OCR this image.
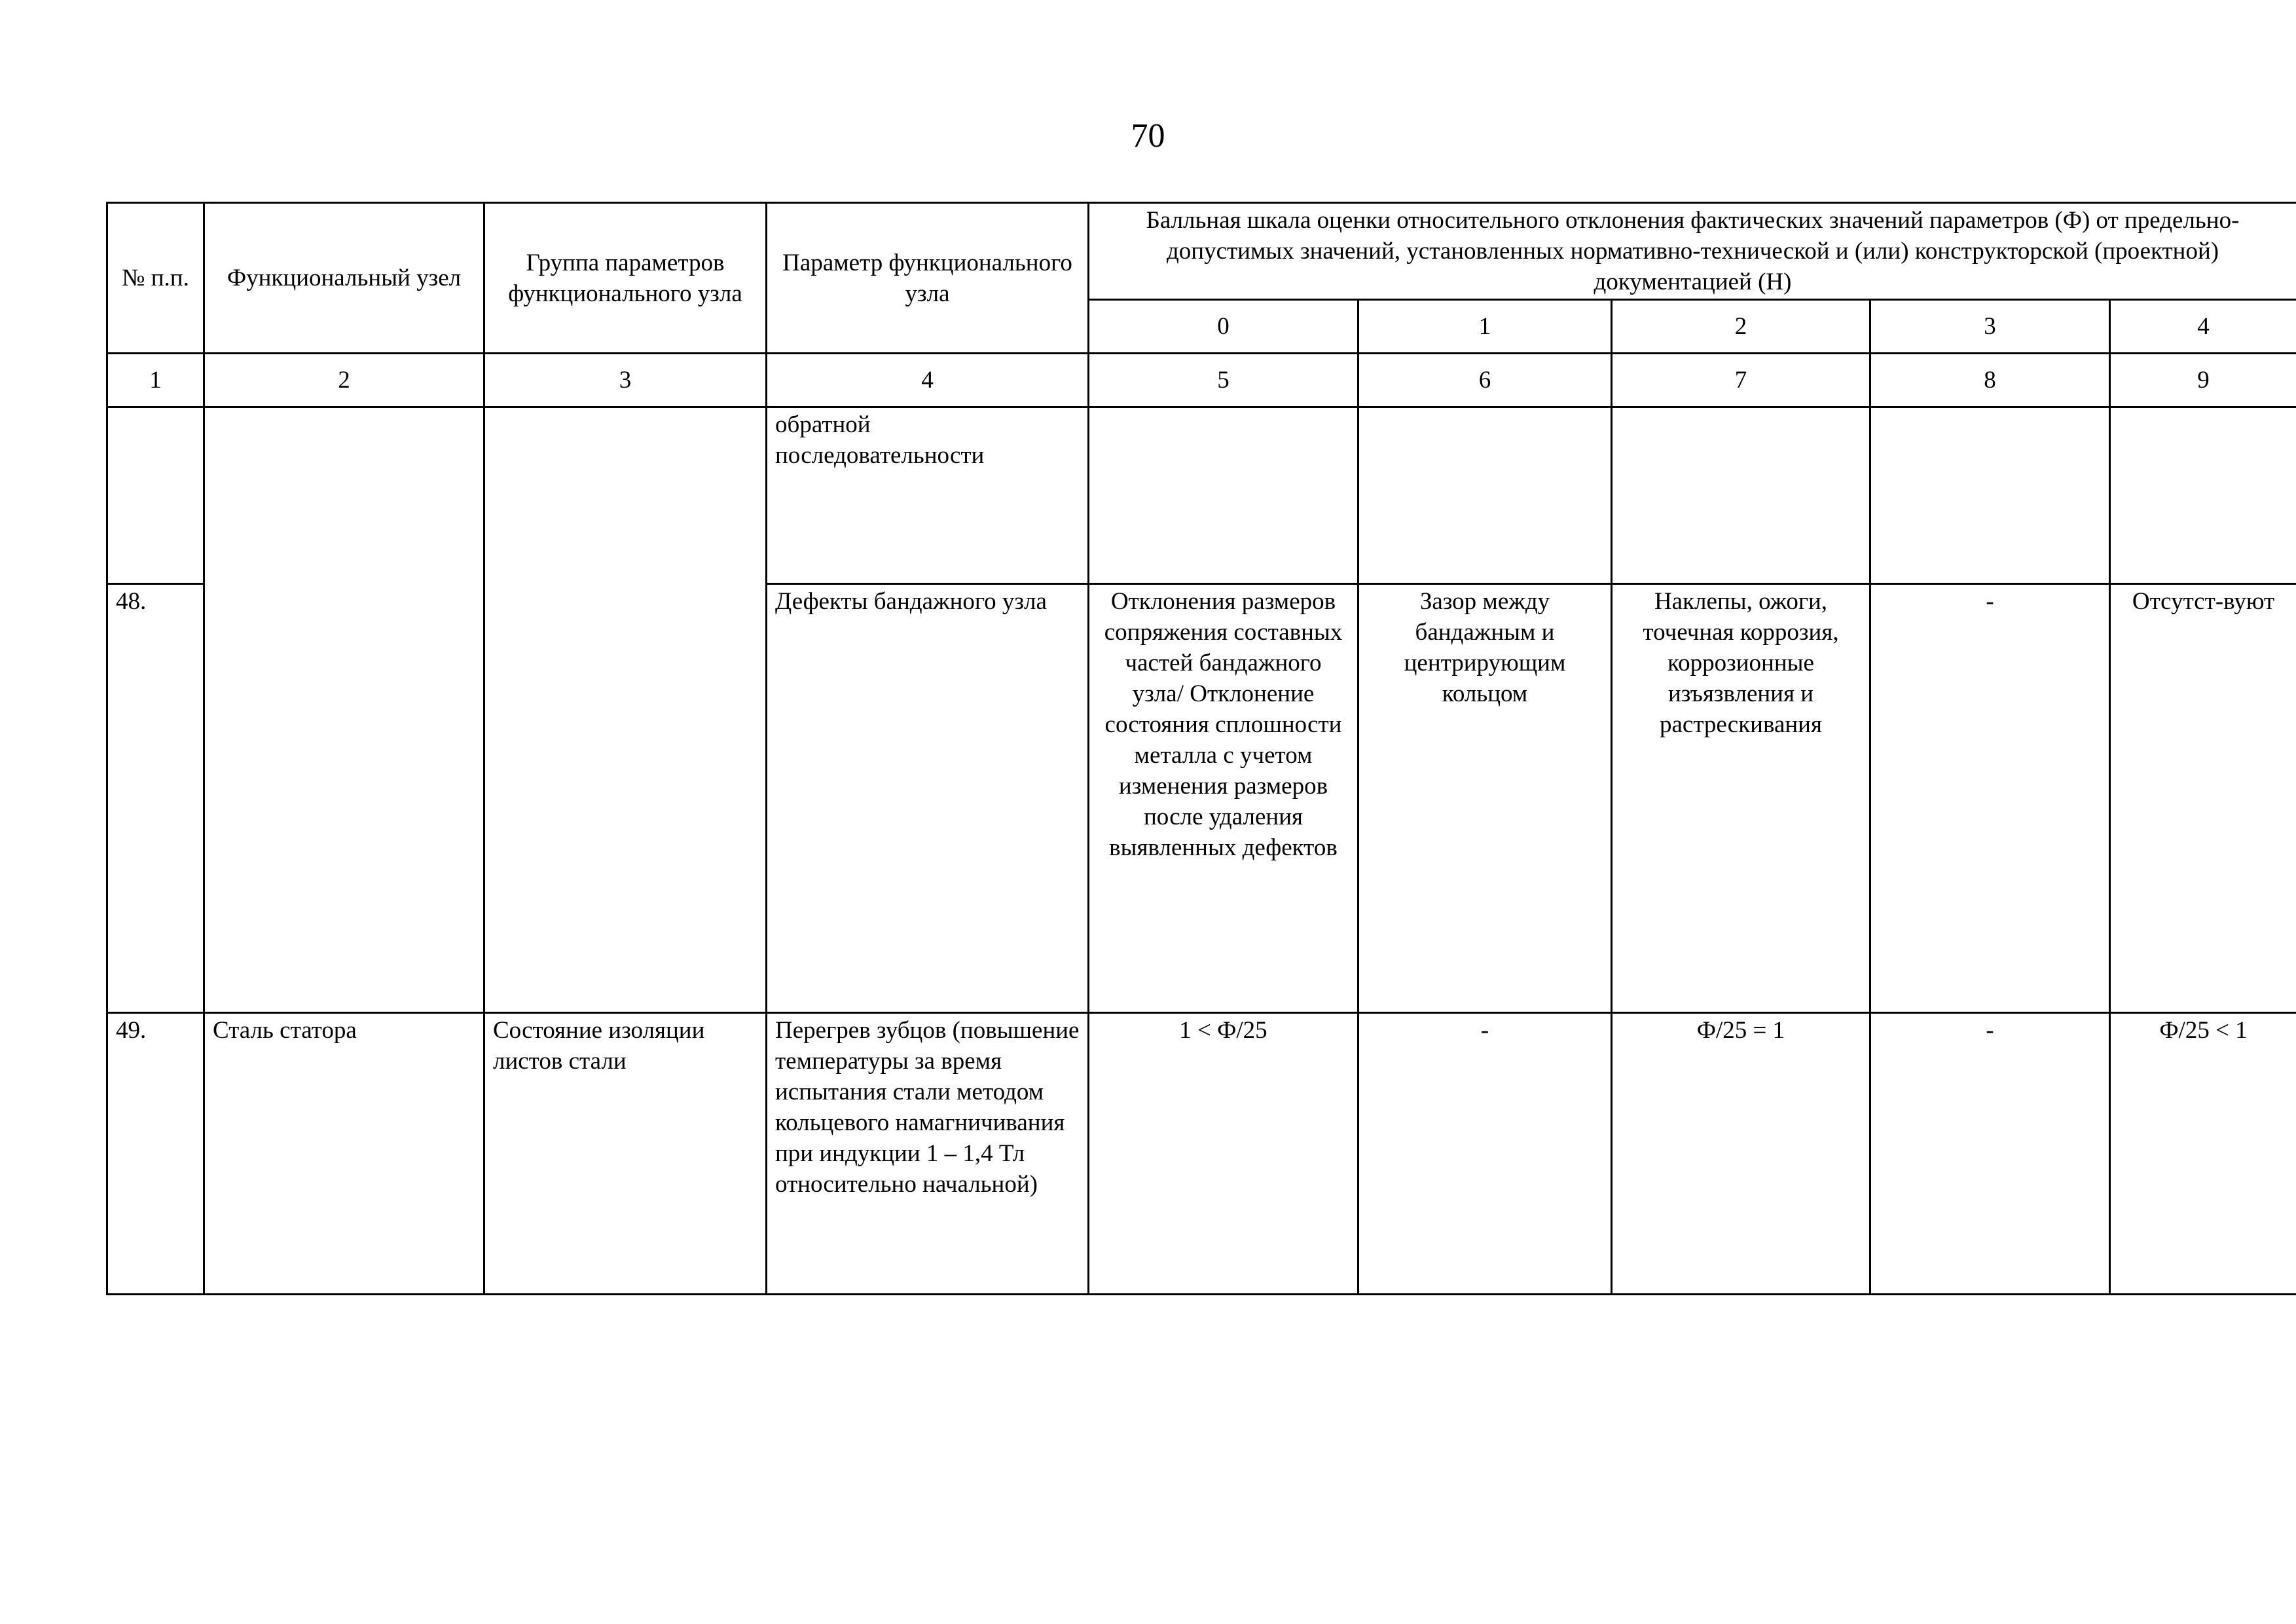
70
№ п.п.	Функциональный узел	Группа параметров функционального узла	Параметр функционального узла	Балльная шкала оценки относительного отклонения фактических значений параметров (Ф) от предельно-допустимых значений, установленных нормативно-технической и (или) конструкторской (проектной) документацией (Н)				
				0	1	2	3	4
1	2	3	4	5	6	7	8	9
			обратной последовательности					
48.			Дефекты бандажного узла	Отклонения размеров сопряжения составных частей бандажного узла/ Отклонение состояния сплошности металла с учетом изменения размеров после удаления выявленных дефектов	Зазор между бандажным и центрирующим кольцом	Наклепы, ожоги, точечная коррозия, коррозионные изъязвления и растрескивания	-	Отсутст-вуют
49.	Сталь статора	Состояние изоляции листов стали	Перегрев зубцов (повышение температуры за время испытания стали методом кольцевого намагничивания при индукции 1 – 1,4 Тл относительно начальной)	1 < Ф/25	-	Ф/25 = 1	-	Ф/25 < 1
